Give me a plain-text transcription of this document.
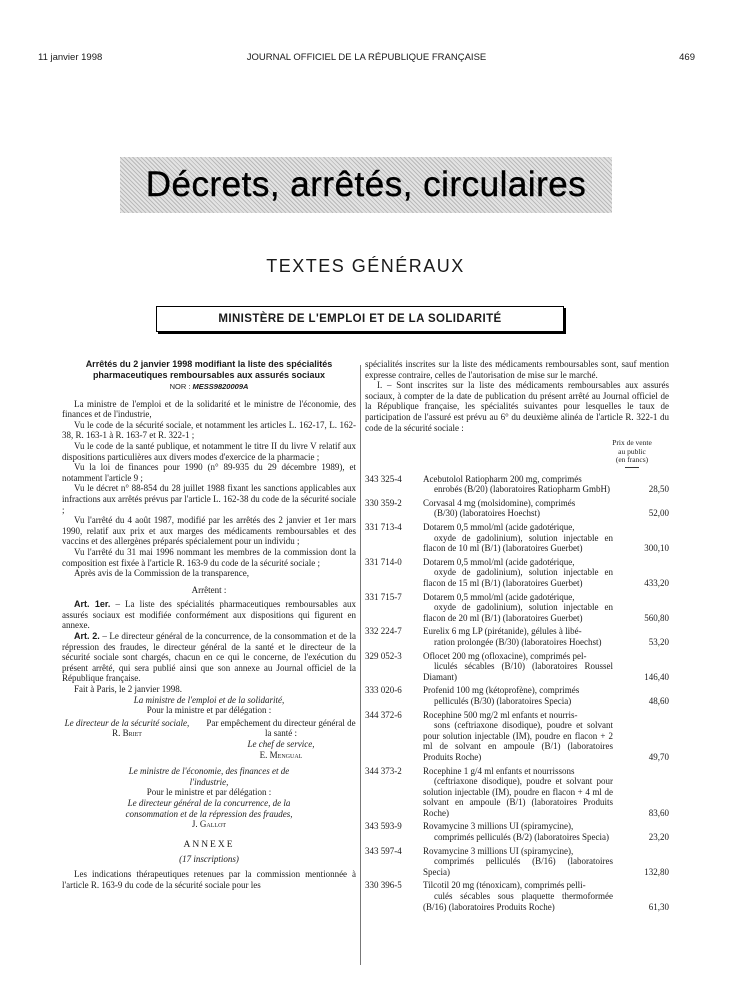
11 janvier 1998	JOURNAL OFFICIEL DE LA RÉPUBLIQUE FRANÇAISE	469
Décrets, arrêtés, circulaires
TEXTES GÉNÉRAUX
MINISTÈRE DE L'EMPLOI ET DE LA SOLIDARITÉ

Arrêtés du 2 janvier 1998 modifiant la liste des spécialités pharmaceutiques remboursables aux assurés sociaux

NOR : MESS9820009A

La ministre de l'emploi et de la solidarité et le ministre de l'économie, des finances et de l'industrie,

Vu le code de la sécurité sociale, et notamment les articles L. 162-17, L. 162-38, R. 163-1 à R. 163-7 et R. 322-1 ;

Vu le code de la santé publique, et notamment le titre II du livre V relatif aux dispositions particulières aux divers modes d'exercice de la pharmacie ;

Vu la loi de finances pour 1990 (n° 89-935 du 29 décembre 1989), et notamment l'article 9 ;

Vu le décret n° 88-854 du 28 juillet 1988 fixant les sanctions applicables aux infractions aux arrêtés prévus par l'article L. 162-38 du code de la sécurité sociale ;

Vu l'arrêté du 4 août 1987, modifié par les arrêtés des 2 janvier et 1er mars 1990, relatif aux prix et aux marges des médicaments remboursables et des vaccins et des allergènes préparés spécialement pour un individu ;

Vu l'arrêté du 31 mai 1996 nommant les membres de la commission dont la composition est fixée à l'article R. 163-9 du code de la sécurité sociale ;

Après avis de la Commission de la transparence,

Arrêtent :

Art. 1er. – La liste des spécialités pharmaceutiques remboursables aux assurés sociaux est modifiée conformément aux dispositions qui figurent en annexe.

Art. 2. – Le directeur général de la concurrence, de la consommation et de la répression des fraudes, le directeur général de la santé et le directeur de la sécurité sociale sont chargés, chacun en ce qui le concerne, de l'exécution du présent arrêté, qui sera publié ainsi que son annexe au Journal officiel de la République française.

Fait à Paris, le 2 janvier 1998.

La ministre de l'emploi et de la solidarité,

Pour la ministre et par délégation :

Le directeur de la sécurité sociale,

R. Briet

Par empêchement du directeur général de la santé :

Le chef de service,

E. Mengual

Le ministre de l'économie, des finances et de l'industrie,

Pour le ministre et par délégation :

Le directeur général de la concurrence, de la consommation et de la répression des fraudes,

J. Gallot

ANNEXE

(17 inscriptions)

Les indications thérapeutiques retenues par la commission mentionnée à l'article R. 163-9 du code de la sécurité sociale pour les

spécialités inscrites sur la liste des médicaments remboursables sont, sauf mention expresse contraire, celles de l'autorisation de mise sur le marché.

I. – Sont inscrites sur la liste des médicaments remboursables aux assurés sociaux, à compter de la date de publication du présent arrêté au Journal officiel de la République française, les spécialités suivantes pour lesquelles le taux de participation de l'assuré est prévu au 6° du deuxième alinéa de l'article R. 322-1 du code de la sécurité sociale :

Prix de vente
au public
(en francs)
343 325-4	Acebutolol Ratiopharm 200 mg, comprimés
enrobés (B/20) (laboratoires Ratiopharm GmbH)	28,50
330 359-2	Corvasal 4 mg (molsidomine), comprimés
(B/30) (laboratoires Hoechst)	52,00
331 713-4	Dotarem 0,5 mmol/ml (acide gadotérique,
oxyde de gadolinium), solution injectable en flacon de 10 ml (B/1) (laboratoires Guerbet)	300,10
331 714-0	Dotarem 0,5 mmol/ml (acide gadotérique,
oxyde de gadolinium), solution injectable en flacon de 15 ml (B/1) (laboratoires Guerbet)	433,20
331 715-7	Dotarem 0,5 mmol/ml (acide gadotérique,
oxyde de gadolinium), solution injectable en flacon de 20 ml (B/1) (laboratoires Guerbet)	560,80
332 224-7	Eurelix 6 mg LP (pirétanide), gélules à libé-
ration prolongée (B/30) (laboratoires Hoechst)	53,20
329 052-3	Oflocet 200 mg (ofloxacine), comprimés pel-
liculés sécables (B/10) (laboratoires Roussel Diamant)	146,40
333 020-6	Profenid 100 mg (kétoprofène), comprimés
pelliculés (B/30) (laboratoires Specia)	48,60
344 372-6	Rocephine 500 mg/2 ml enfants et nourris-
sons (ceftriaxone disodique), poudre et solvant pour solution injectable (IM), poudre en flacon + 2 ml de solvant en ampoule (B/1) (laboratoires Produits Roche)	49,70
344 373-2	Rocephine 1 g/4 ml enfants et nourrissons
(ceftriaxone disodique), poudre et solvant pour solution injectable (IM), poudre en flacon + 4 ml de solvant en ampoule (B/1) (laboratoires Produits Roche)	83,60
343 593-9	Rovamycine 3 millions UI (spiramycine),
comprimés pelliculés (B/2) (laboratoires Specia)	23,20
343 597-4	Rovamycine 3 millions UI (spiramycine),
comprimés pelliculés (B/16) (laboratoires Specia)	132,80
330 396-5	Tilcotil 20 mg (ténoxicam), comprimés pelli-
culés sécables sous plaquette thermoformée (B/16) (laboratoires Produits Roche)	61,30
